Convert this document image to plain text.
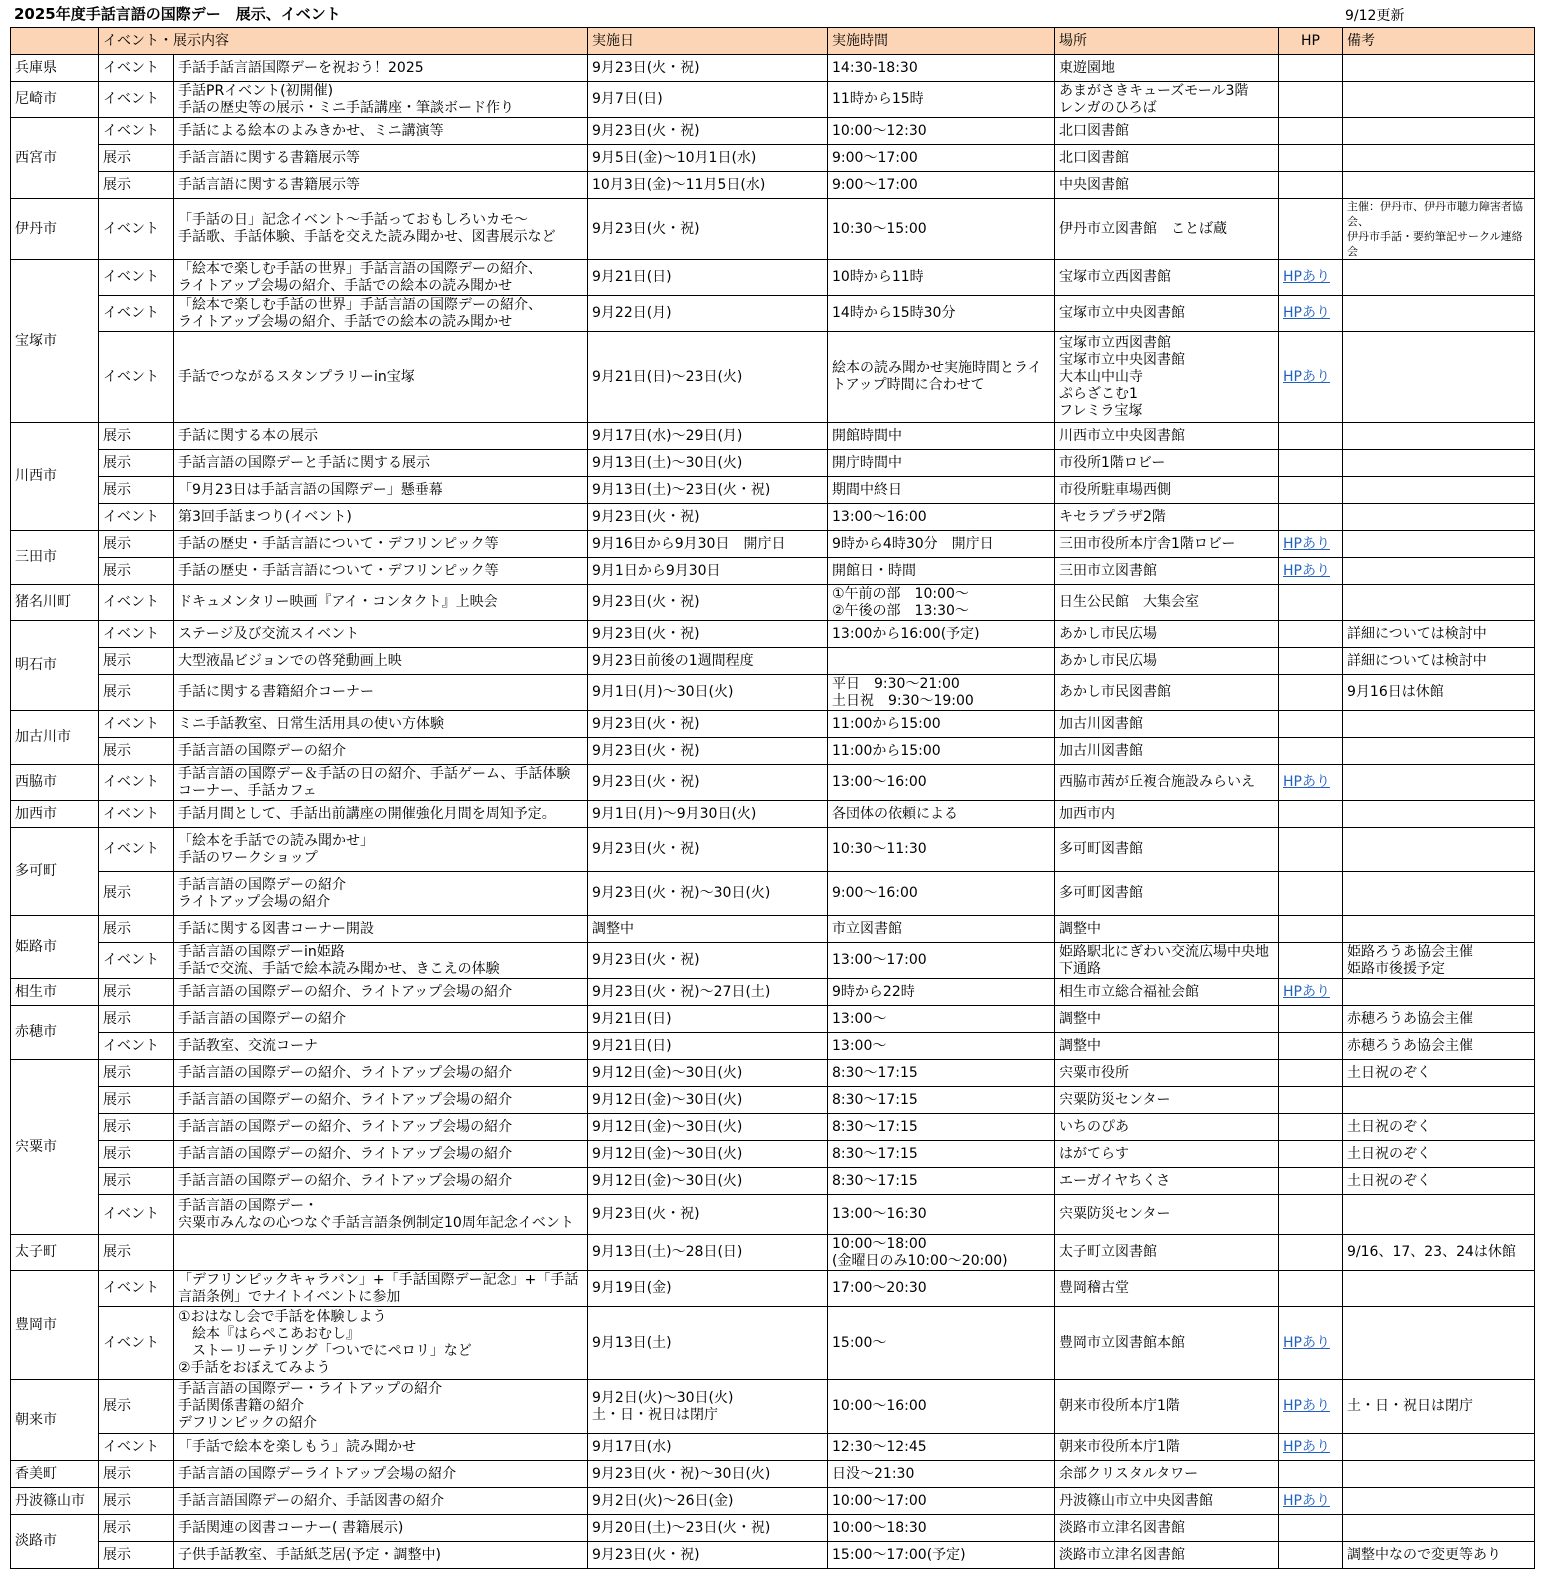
2025年度手話言語の国際デー　展示、イベント	9/12更新
	イベント・展示内容		実施日	実施時間	場所	HP	備考
兵庫県	イベント	手話手話言語国際デーを祝おう！2025	9月23日(火・祝)	14:30-18:30	東遊園地		
尼崎市	イベント	手話PRイベント(初開催)
手話の歴史等の展示・ミニ手話講座・筆談ボード作り	9月7日(日)	11時から15時	あまがさきキューズモール3階
レンガのひろば		
西宮市	イベント	手話による絵本のよみきかせ、ミニ講演等	9月23日(火・祝)	10:00～12:30	北口図書館		
	展示	手話言語に関する書籍展示等	9月5日(金)～10月1日(水)	9:00～17:00	北口図書館		
	展示	手話言語に関する書籍展示等	10月3日(金)～11月5日(水)	9:00～17:00	中央図書館		
伊丹市	イベント	「手話の日」記念イベント～手話っておもしろいカモ～
手話歌、手話体験、手話を交えた読み聞かせ、図書展示など	9月23日(火・祝)	10:30～15:00	伊丹市立図書館　ことば蔵		主催：伊丹市、伊丹市聴力障害者協会、
伊丹市手話・要約筆記サークル連絡会
宝塚市	イベント	「絵本で楽しむ手話の世界」手話言語の国際デーの紹介、
ライトアップ会場の紹介、手話での絵本の読み聞かせ	9月21日(日)	10時から11時	宝塚市立西図書館	HPあり	
	イベント	「絵本で楽しむ手話の世界」手話言語の国際デーの紹介、
ライトアップ会場の紹介、手話での絵本の読み聞かせ	9月22日(月)	14時から15時30分	宝塚市立中央図書館	HPあり	
	イベント	手話でつながるスタンプラリーin宝塚	9月21日(日)～23日(火)	絵本の読み聞かせ実施時間とライトアップ時間に合わせて	宝塚市立西図書館
宝塚市立中央図書館
大本山中山寺
ぷらざこむ1
フレミラ宝塚	HPあり	
川西市	展示	手話に関する本の展示	9月17日(水)～29日(月)	開館時間中	川西市立中央図書館		
	展示	手話言語の国際デーと手話に関する展示	9月13日(土)～30日(火)	開庁時間中	市役所1階ロビー		
	展示	「9月23日は手話言語の国際デー」懸垂幕	9月13日(土)～23日(火・祝)	期間中終日	市役所駐車場西側		
	イベント	第3回手話まつり(イベント)	9月23日(火・祝)	13:00～16:00	キセラプラザ2階		
三田市	展示	手話の歴史・手話言語について・デフリンピック等	9月16日から9月30日　開庁日	9時から4時30分　開庁日	三田市役所本庁舎1階ロビー	HPあり	
	展示	手話の歴史・手話言語について・デフリンピック等	9月1日から9月30日	開館日・時間	三田市立図書館	HPあり	
猪名川町	イベント	ドキュメンタリー映画『アイ・コンタクト』上映会	9月23日(火・祝)	①午前の部　10:00～
②午後の部　13:30～	日生公民館　大集会室		
明石市	イベント	ステージ及び交流スイベント	9月23日(火・祝)	13:00から16:00(予定)	あかし市民広場		詳細については検討中
	展示	大型液晶ビジョンでの啓発動画上映	9月23日前後の1週間程度		あかし市民広場		詳細については検討中
	展示	手話に関する書籍紹介コーナー	9月1日(月)～30日(火)	平日　9:30～21:00
土日祝　9:30～19:00	あかし市民図書館		9月16日は休館
加古川市	イベント	ミニ手話教室、日常生活用具の使い方体験	9月23日(火・祝)	11:00から15:00	加古川図書館		
	展示	手話言語の国際デーの紹介	9月23日(火・祝)	11:00から15:00	加古川図書館		
西脇市	イベント	手話言語の国際デー＆手話の日の紹介、手話ゲーム、手話体験コーナー、手話カフェ	9月23日(火・祝)	13:00～16:00	西脇市茜が丘複合施設みらいえ	HPあり	
加西市	イベント	手話月間として、手話出前講座の開催強化月間を周知予定。	9月1日(月)～9月30日(火)	各団体の依頼による	加西市内		
多可町	イベント	「絵本を手話での読み聞かせ」
手話のワークショップ	9月23日(火・祝)	10:30～11:30	多可町図書館		
	展示	手話言語の国際デーの紹介
ライトアップ会場の紹介	9月23日(火・祝)～30日(火)	9:00～16:00	多可町図書館		
姫路市	展示	手話に関する図書コーナー開設	調整中	市立図書館	調整中		
	イベント	手話言語の国際デーin姫路
手話で交流、手話で絵本読み聞かせ、きこえの体験	9月23日(火・祝)	13:00～17:00	姫路駅北にぎわい交流広場中央地下通路		姫路ろうあ協会主催
姫路市後援予定
相生市	展示	手話言語の国際デーの紹介、ライトアップ会場の紹介	9月23日(火・祝)～27日(土)	9時から22時	相生市立総合福祉会館	HPあり	
赤穂市	展示	手話言語の国際デーの紹介	9月21日(日)	13:00～	調整中		赤穂ろうあ協会主催
	イベント	手話教室、交流コーナ	9月21日(日)	13:00～	調整中		赤穂ろうあ協会主催
宍粟市	展示	手話言語の国際デーの紹介、ライトアップ会場の紹介	9月12日(金)～30日(火)	8:30～17:15	宍粟市役所		土日祝のぞく
	展示	手話言語の国際デーの紹介、ライトアップ会場の紹介	9月12日(金)～30日(火)	8:30～17:15	宍粟防災センター		
	展示	手話言語の国際デーの紹介、ライトアップ会場の紹介	9月12日(金)～30日(火)	8:30～17:15	いちのぴあ		土日祝のぞく
	展示	手話言語の国際デーの紹介、ライトアップ会場の紹介	9月12日(金)～30日(火)	8:30～17:15	はがてらす		土日祝のぞく
	展示	手話言語の国際デーの紹介、ライトアップ会場の紹介	9月12日(金)～30日(火)	8:30～17:15	エーガイヤちくさ		土日祝のぞく
	イベント	手話言語の国際デー・
宍粟市みんなの心つなぐ手話言語条例制定10周年記念イベント	9月23日(火・祝)	13:00～16:30	宍粟防災センター		
太子町	展示		9月13日(土)～28日(日)	10:00～18:00
(金曜日のみ10:00～20:00)	太子町立図書館		9/16、17、23、24は休館
豊岡市	イベント	「デフリンピックキャラバン」+「手話国際デー記念」+「手話言語条例」でナイトイベントに参加	9月19日(金)	17:00～20:30	豊岡稽古堂		
	イベント	①おはなし会で手話を体験しよう
　絵本『はらぺこあおむし』
　ストーリーテリング「ついでにペロリ」など
②手話をおぼえてみよう	9月13日(土)	15:00～	豊岡市立図書館本館	HPあり	
朝来市	展示	手話言語の国際デー・ライトアップの紹介
手話関係書籍の紹介
デフリンピックの紹介	9月2日(火)～30日(火)
土・日・祝日は閉庁	10:00～16:00	朝来市役所本庁1階	HPあり	土・日・祝日は閉庁
	イベント	「手話で絵本を楽しもう」読み聞かせ	9月17日(水)	12:30～12:45	朝来市役所本庁1階	HPあり	
香美町	展示	手話言語の国際デーライトアップ会場の紹介	9月23日(火・祝)～30日(火)	日没～21:30	余部クリスタルタワー		
丹波篠山市	展示	手話言語国際デーの紹介、手話図書の紹介	9月2日(火)～26日(金)	10:00～17:00	丹波篠山市立中央図書館	HPあり	
淡路市	展示	手話関連の図書コーナー( 書籍展示)	9月20日(土)～23日(火・祝)	10:00～18:30	淡路市立津名図書館		
	展示	子供手話教室、手話紙芝居(予定・調整中)	9月23日(火・祝)	15:00～17:00(予定)	淡路市立津名図書館		調整中なので変更等あり
